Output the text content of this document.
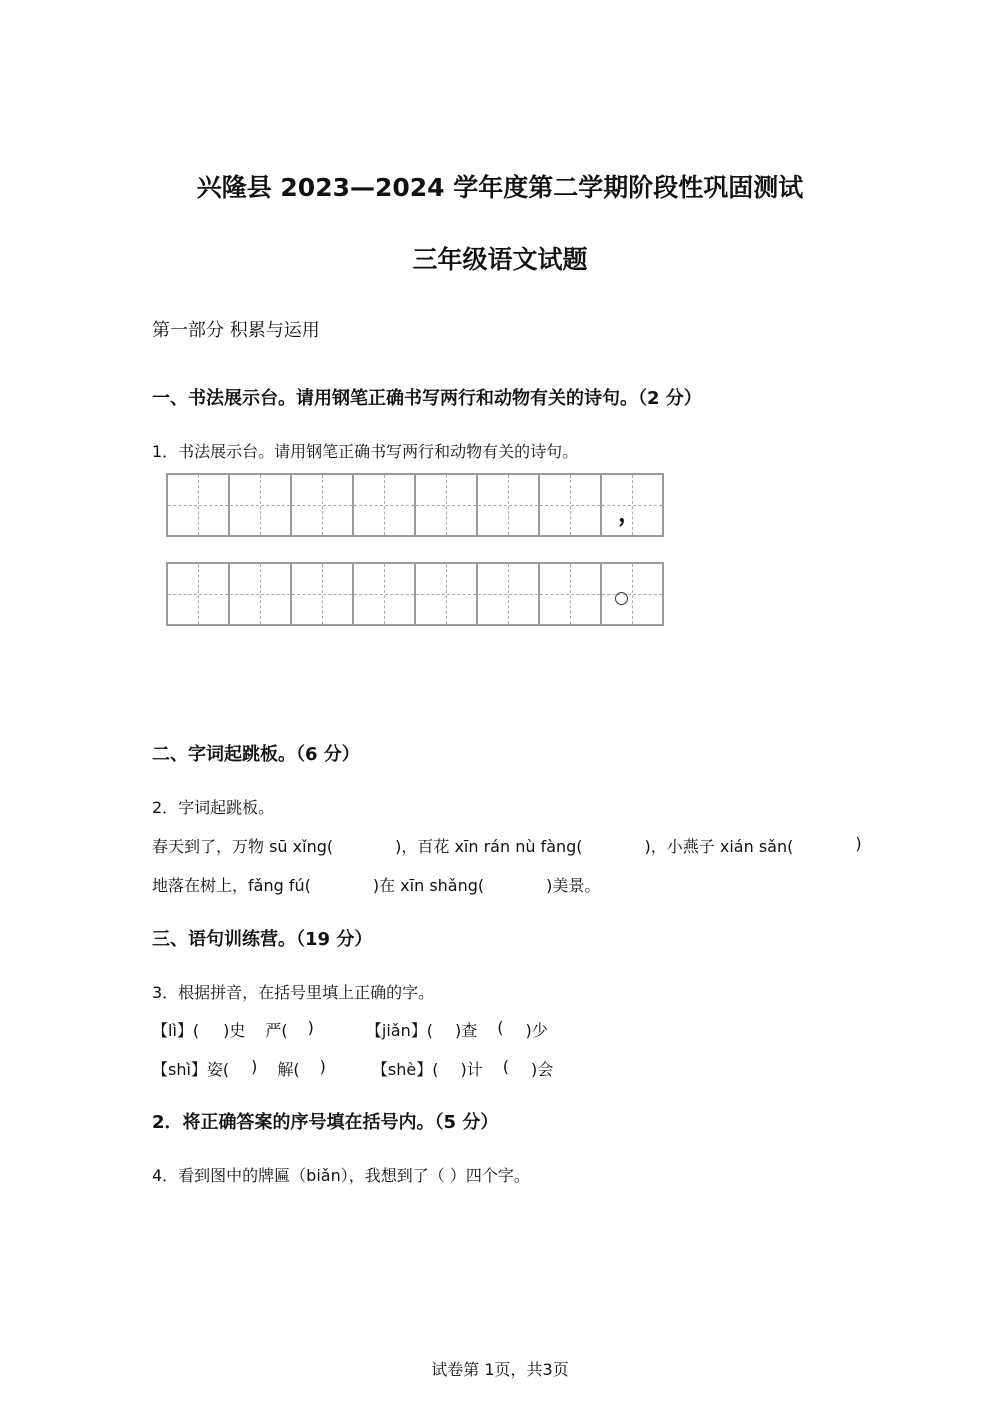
兴隆县 2023—2024 学年度第二学期阶段性巩固测试
三年级语文试题
第一部分 积累与运用
一、书法展示台。请用钢笔正确书写两行和动物有关的诗句。（2 分）
1．书法展示台。请用钢笔正确书写两行和动物有关的诗句。
，
二、字词起跳板。（6 分）
2．字词起跳板。
春天到了，万物 sū xǐng(	)，百花 xīn rán nù fàng(	)，小燕子 xián sǎn(	)
地落在树上，fǎng fú(	)在 xīn shǎng(	)美景。
三、语句训练营。（19 分）
3．根据拼音，在括号里填上正确的字。
【lì】( )史 严( )	【jiǎn】( )查 ( )少
【shì】姿( ) 解( )	【shè】( )计 ( )会
2．将正确答案的序号填在括号内。（5 分）
4．看到图中的牌匾（biǎn），我想到了（ ）四个字。
试卷第 1页，共3页
